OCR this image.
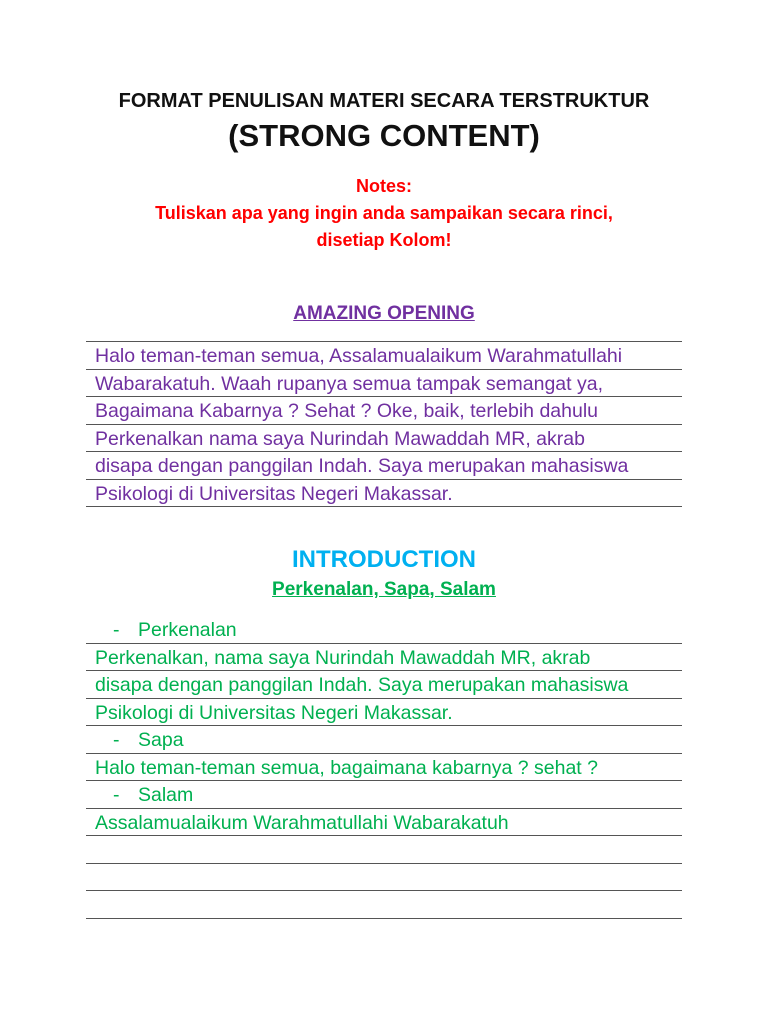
FORMAT PENULISAN MATERI SECARA TERSTRUKTUR
(STRONG CONTENT)
Notes:
Tuliskan apa yang ingin anda sampaikan secara rinci,
disetiap Kolom!
AMAZING OPENING
Halo teman-teman semua, Assalamualaikum Warahmatullahi
Wabarakatuh. Waah rupanya semua tampak semangat ya,
Bagaimana Kabarnya ? Sehat ? Oke, baik, terlebih dahulu
Perkenalkan nama saya Nurindah Mawaddah MR, akrab
disapa dengan panggilan Indah. Saya merupakan mahasiswa
Psikologi di Universitas Negeri Makassar.
INTRODUCTION
Perkenalan, Sapa, Salam
- Perkenalan
Perkenalkan, nama saya Nurindah Mawaddah MR, akrab
disapa dengan panggilan Indah. Saya merupakan mahasiswa
Psikologi di Universitas Negeri Makassar.
- Sapa
Halo teman-teman semua, bagaimana kabarnya ? sehat ?
- Salam
Assalamualaikum Warahmatullahi Wabarakatuh
